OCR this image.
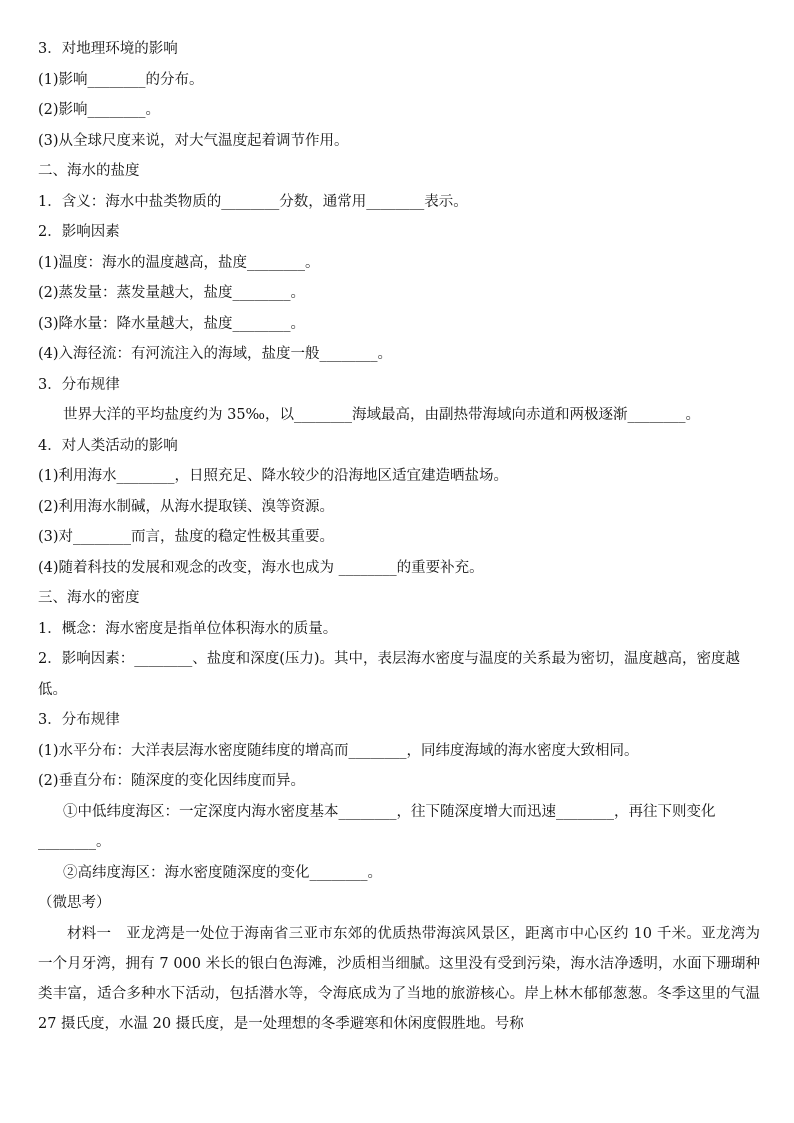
3．对地理环境的影响
(1)影响________的分布。
(2)影响________。
(3)从全球尺度来说，对大气温度起着调节作用。
二、海水的盐度
1．含义：海水中盐类物质的________分数，通常用________表示。
2．影响因素
(1)温度：海水的温度越高，盐度________。
(2)蒸发量：蒸发量越大，盐度________。
(3)降水量：降水量越大，盐度________。
(4)入海径流：有河流注入的海域，盐度一般________。
3．分布规律
世界大洋的平均盐度约为 35‰，以________海域最高，由副热带海域向赤道和两极逐渐________。
4．对人类活动的影响
(1)利用海水________，日照充足、降水较少的沿海地区适宜建造晒盐场。
(2)利用海水制碱，从海水提取镁、溴等资源。
(3)对________而言，盐度的稳定性极其重要。
(4)随着科技的发展和观念的改变，海水也成为 ________的重要补充。
三、海水的密度
1．概念：海水密度是指单位体积海水的质量。
2．影响因素：________、盐度和深度(压力)。其中，表层海水密度与温度的关系最为密切，温度越高，密度越低。
3．分布规律
(1)水平分布：大洋表层海水密度随纬度的增高而________，同纬度海域的海水密度大致相同。
(2)垂直分布：随深度的变化因纬度而异。
①中低纬度海区：一定深度内海水密度基本________，往下随深度增大而迅速________，再往下则变化________。
②高纬度海区：海水密度随深度的变化________。
（微思考）
材料一　亚龙湾是一处位于海南省三亚市东郊的优质热带海滨风景区，距离市中心区约 10 千米。亚龙湾为一个月牙湾，拥有 7 000 米长的银白色海滩，沙质相当细腻。这里没有受到污染，海水洁净透明，水面下珊瑚种类丰富，适合多种水下活动，包括潜水等，令海底成为了当地的旅游核心。岸上林木郁郁葱葱。冬季这里的气温 27 摄氏度，水温 20 摄氏度，是一处理想的冬季避寒和休闲度假胜地。号称
